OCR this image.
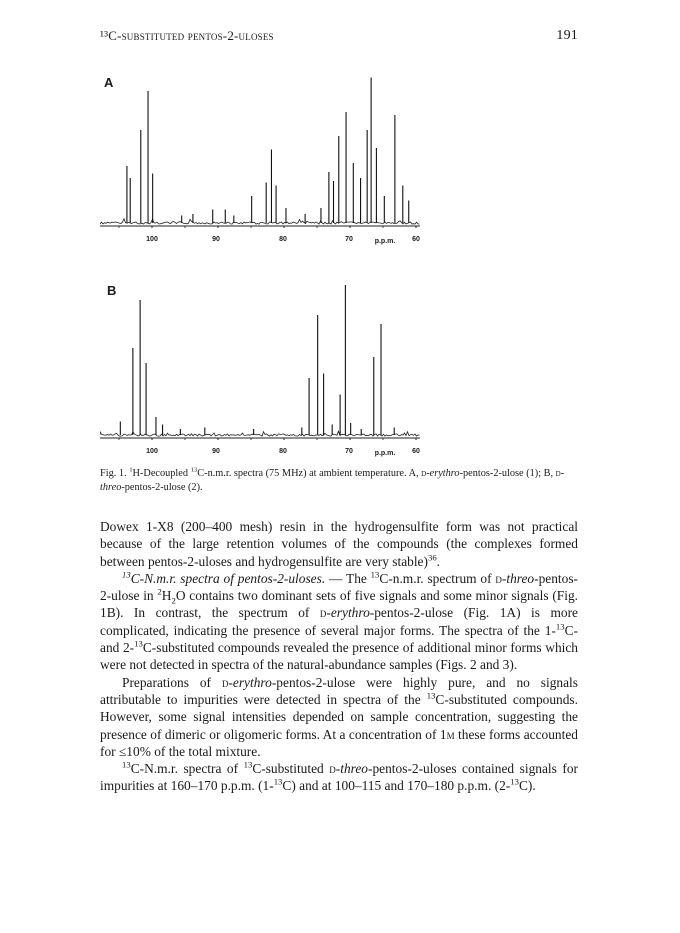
¹³C-substituted pentos-2-uloses	191
A
100	90	80	70	p.p.m. 60
B
100	90	80	70	p.p.m. 60
Fig. 1. $^1$H-Decoupled $^{13}$C-n.m.r. spectra (75 MHz) at ambient temperature. A, d-erythro-pentos-2-ulose (1); B, d-threo-pentos-2-ulose (2).

Dowex 1-X8 (200–400 mesh) resin in the hydrogensulfite form was not practical because of the large retention volumes of the compounds (the complexes formed between pentos-2-uloses and hydrogensulfite are very stable)$^{36}$.

$^{13}$C-N.m.r. spectra of pentos-2-uloses. — The $^{13}$C-n.m.r. spectrum of d-threo-pentos-2-ulose in $^2H_2O$ contains two dominant sets of five signals and some minor signals (Fig. 1B). In contrast, the spectrum of d-erythro-pentos-2-ulose (Fig. 1A) is more complicated, indicating the presence of several major forms. The spectra of the 1-$^{13}$C- and 2-$^{13}$C-substituted compounds revealed the presence of additional minor forms which were not detected in spectra of the natural-abundance samples (Figs. 2 and 3).

Preparations of d-erythro-pentos-2-ulose were highly pure, and no signals attributable to impurities were detected in spectra of the $^{13}$C-substituted compounds. However, some signal intensities depended on sample concentration, suggesting the presence of dimeric or oligomeric forms. At a concentration of 1m these forms accounted for ≤10% of the total mixture.

$^{13}$C-N.m.r. spectra of $^{13}$C-substituted d-threo-pentos-2-uloses contained signals for impurities at 160–170 p.p.m. (1-$^{13}$C) and at 100–115 and 170–180 p.p.m. (2-$^{13}$C).
